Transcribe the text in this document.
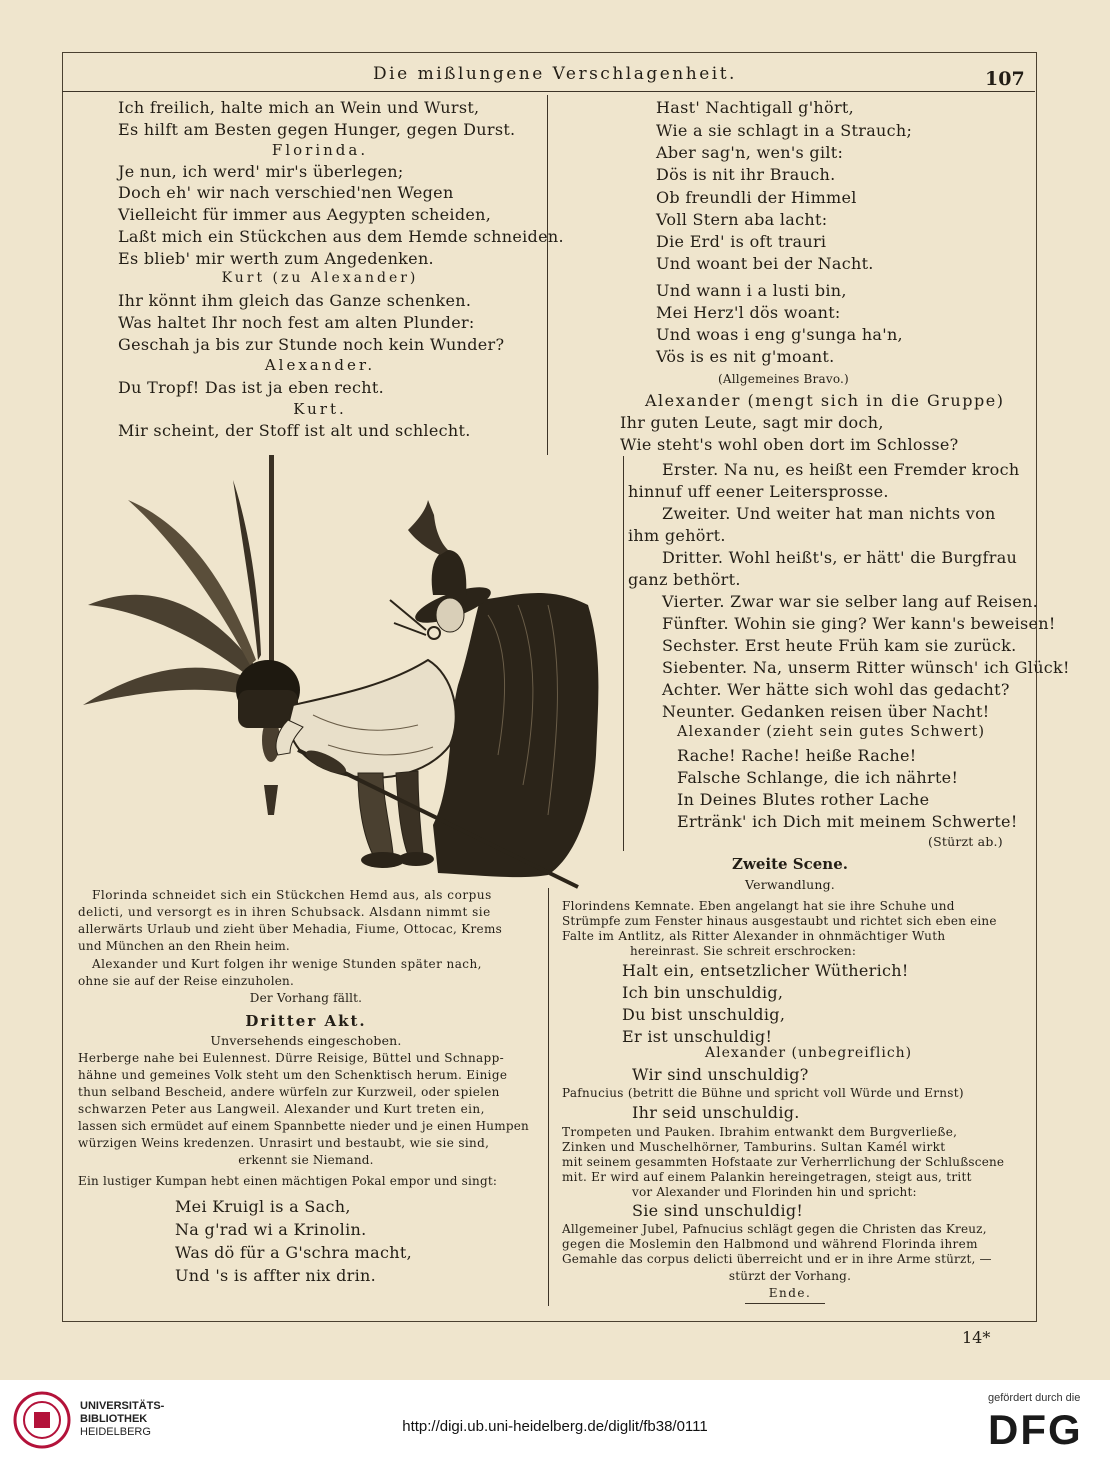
Die mißlungene Verschlagenheit.	107
Ich freilich, halte mich an Wein und Wurst,
Es hilft am Besten gegen Hunger, gegen Durst.
Florinda.
Je nun, ich werd' mir's überlegen;
Doch eh' wir nach verschied'nen Wegen
Vielleicht für immer aus Aegypten scheiden,
Laßt mich ein Stückchen aus dem Hemde schneiden.
Es blieb' mir werth zum Angedenken.
Kurt (zu Alexander)
Ihr könnt ihm gleich das Ganze schenken.
Was haltet Ihr noch fest am alten Plunder:
Geschah ja bis zur Stunde noch kein Wunder?
Alexander.
Du Tropf! Das ist ja eben recht.
Kurt.
Mir scheint, der Stoff ist alt und schlecht.
Hast' Nachtigall g'hört,
Wie a sie schlagt in a Strauch;
Aber sag'n, wen's gilt:
Dös is nit ihr Brauch.
Ob freundli der Himmel
Voll Stern aba lacht:
Die Erd' is oft trauri
Und woant bei der Nacht.
Und wann i a lusti bin,
Mei Herz'l dös woant:
Und woas i eng g'sunga ha'n,
Vös is es nit g'moant.
(Allgemeines Bravo.)
Alexander (mengt sich in die Gruppe)
Ihr guten Leute, sagt mir doch,
Wie steht's wohl oben dort im Schlosse?
Erster. Na nu, es heißt een Fremder kroch
hinnuf uff eener Leitersprosse.
Zweiter. Und weiter hat man nichts von
ihm gehört.
Dritter. Wohl heißt's, er hätt' die Burgfrau
ganz bethört.
Vierter. Zwar war sie selber lang auf Reisen.
Fünfter. Wohin sie ging? Wer kann's beweisen!
Sechster. Erst heute Früh kam sie zurück.
Siebenter. Na, unserm Ritter wünsch' ich Glück!
Achter. Wer hätte sich wohl das gedacht?
Neunter. Gedanken reisen über Nacht!
Alexander (zieht sein gutes Schwert)
Rache! Rache! heiße Rache!
Falsche Schlange, die ich nährte!
In Deines Blutes rother Lache
Ertränk' ich Dich mit meinem Schwerte!
(Stürzt ab.)
Zweite Scene.
Verwandlung.
Florinda schneidet sich ein Stückchen Hemd aus, als corpus
delicti, und versorgt es in ihren Schubsack. Alsdann nimmt sie
allerwärts Urlaub und zieht über Mehadia, Fiume, Ottocac, Krems
und München an den Rhein heim.
Alexander und Kurt folgen ihr wenige Stunden später nach,
ohne sie auf der Reise einzuholen.
Der Vorhang fällt.
Dritter Akt.
Unversehends eingeschoben.
Herberge nahe bei Eulennest. Dürre Reisige, Büttel und Schnapp-
hähne und gemeines Volk steht um den Schenktisch herum. Einige
thun selband Bescheid, andere würfeln zur Kurzweil, oder spielen
schwarzen Peter aus Langweil. Alexander und Kurt treten ein,
lassen sich ermüdet auf einem Spannbette nieder und je einen Humpen
würzigen Weins kredenzen. Unrasirt und bestaubt, wie sie sind,
erkennt sie Niemand.
Ein lustiger Kumpan hebt einen mächtigen Pokal empor und singt:
Mei Kruigl is a Sach,
Na g'rad wi a Krinolin.
Was dö für a G'schra macht,
Und 's is affter nix drin.
Florindens Kemnate. Eben angelangt hat sie ihre Schuhe und
Strümpfe zum Fenster hinaus ausgestaubt und richtet sich eben eine
Falte im Antlitz, als Ritter Alexander in ohnmächtiger Wuth
hereinrast. Sie schreit erschrocken:
Halt ein, entsetzlicher Wütherich!
Ich bin unschuldig,
Du bist unschuldig,
Er ist unschuldig!
Alexander (unbegreiflich)
Wir sind unschuldig?
Pafnucius (betritt die Bühne und spricht voll Würde und Ernst)
Ihr seid unschuldig.
Trompeten und Pauken. Ibrahim entwankt dem Burgverließe,
Zinken und Muschelhörner, Tamburins. Sultan Kamél wirkt
mit seinem gesammten Hofstaate zur Verherrlichung der Schlußscene
mit. Er wird auf einem Palankin hereingetragen, steigt aus, tritt
vor Alexander und Florinden hin und spricht:
Sie sind unschuldig!
Allgemeiner Jubel, Pafnucius schlägt gegen die Christen das Kreuz,
gegen die Moslemin den Halbmond und während Florinda ihrem
Gemahle das corpus delicti überreicht und er in ihre Arme stürzt, —
stürzt der Vorhang.
Ende.
14*
UNIVERSITÄTS-
BIBLIOTHEK
HEIDELBERG	http://digi.ub.uni-heidelberg.de/diglit/fb38/0111
gefördert durch die
DFG
